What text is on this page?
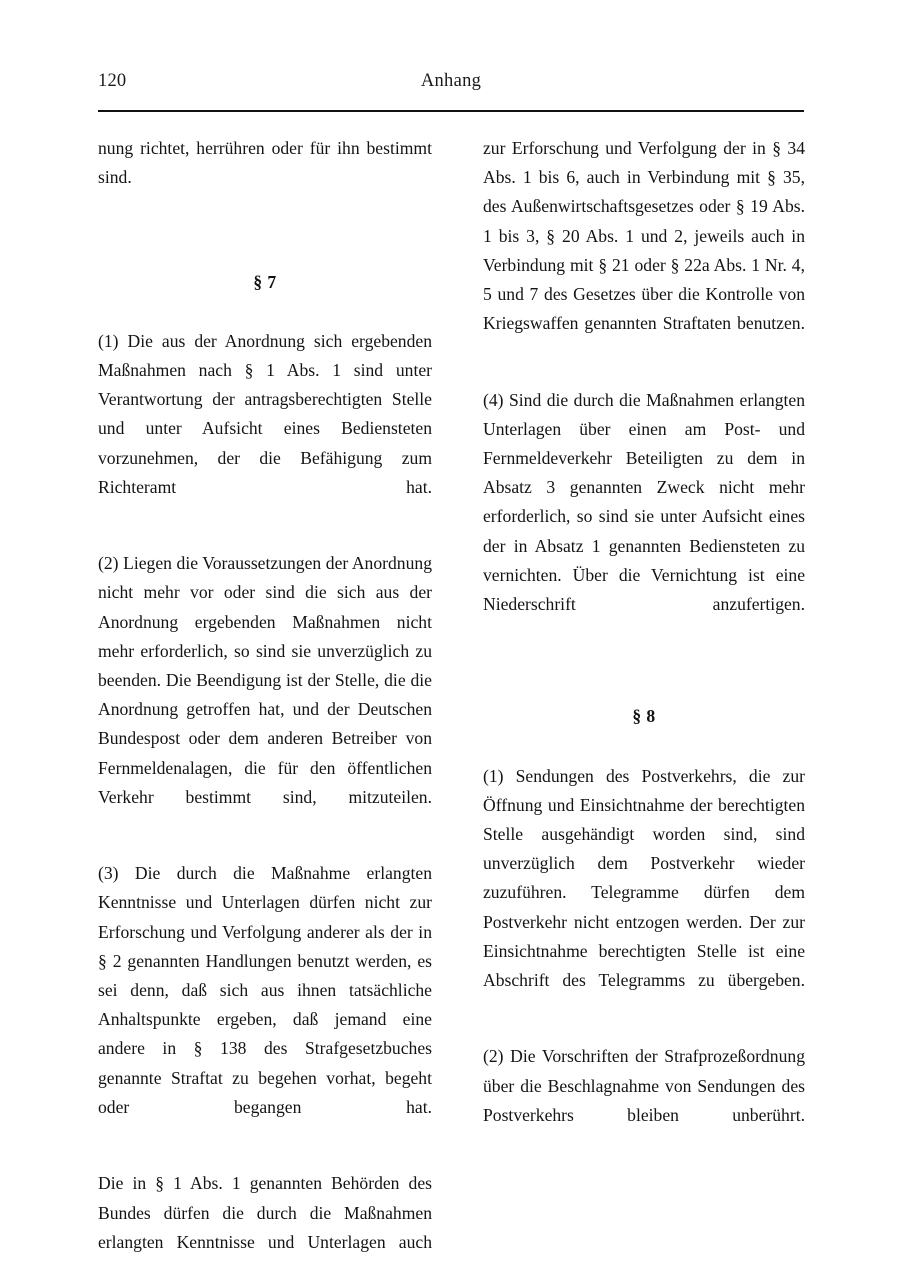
120	Anhang

nung richtet, herrühren oder für ihn bestimmt sind.

§ 7

(1) Die aus der Anordnung sich ergebenden Maßnahmen nach § 1 Abs. 1 sind unter Verantwortung der antragsberechtigten Stelle und unter Aufsicht eines Bediensteten vorzunehmen, der die Befähigung zum Richteramt hat.

(2) Liegen die Voraussetzungen der Anordnung nicht mehr vor oder sind die sich aus der Anordnung ergebenden Maßnahmen nicht mehr erforderlich, so sind sie unverzüglich zu beenden. Die Beendigung ist der Stelle, die die Anordnung getroffen hat, und der Deutschen Bundespost oder dem anderen Betreiber von Fernmeldenalagen, die für den öffentlichen Verkehr bestimmt sind, mitzuteilen.

(3) Die durch die Maßnahme erlangten Kenntnisse und Unterlagen dürfen nicht zur Erforschung und Verfolgung anderer als der in § 2 genannten Handlungen benutzt werden, es sei denn, daß sich aus ihnen tatsächliche Anhaltspunkte ergeben, daß jemand eine andere in § 138 des Strafgesetzbuches genannte Straftat zu begehen vorhat, begeht oder begangen hat.

Die in § 1 Abs. 1 genannten Behörden des Bundes dürfen die durch die Maßnahmen erlangten Kenntnisse und Unterlagen auch

zur Erforschung und Verfolgung der in § 34 Abs. 1 bis 6, auch in Verbindung mit § 35, des Außenwirtschaftsgesetzes oder § 19 Abs. 1 bis 3, § 20 Abs. 1 und 2, jeweils auch in Verbindung mit § 21 oder § 22a Abs. 1 Nr. 4, 5 und 7 des Gesetzes über die Kontrolle von Kriegswaffen genannten Straftaten benutzen.

(4) Sind die durch die Maßnahmen erlangten Unterlagen über einen am Post- und Fernmeldeverkehr Beteiligten zu dem in Absatz 3 genannten Zweck nicht mehr erforderlich, so sind sie unter Aufsicht eines der in Absatz 1 genannten Bediensteten zu vernichten. Über die Vernichtung ist eine Niederschrift anzufertigen.

§ 8

(1) Sendungen des Postverkehrs, die zur Öffnung und Einsichtnahme der berechtigten Stelle ausgehändigt worden sind, sind unverzüglich dem Postverkehr wieder zuzuführen. Telegramme dürfen dem Postverkehr nicht entzogen werden. Der zur Einsichtnahme berechtigten Stelle ist eine Abschrift des Telegramms zu übergeben.

(2) Die Vorschriften der Strafprozeßordnung über die Beschlagnahme von Sendungen des Postverkehrs bleiben unberührt.
